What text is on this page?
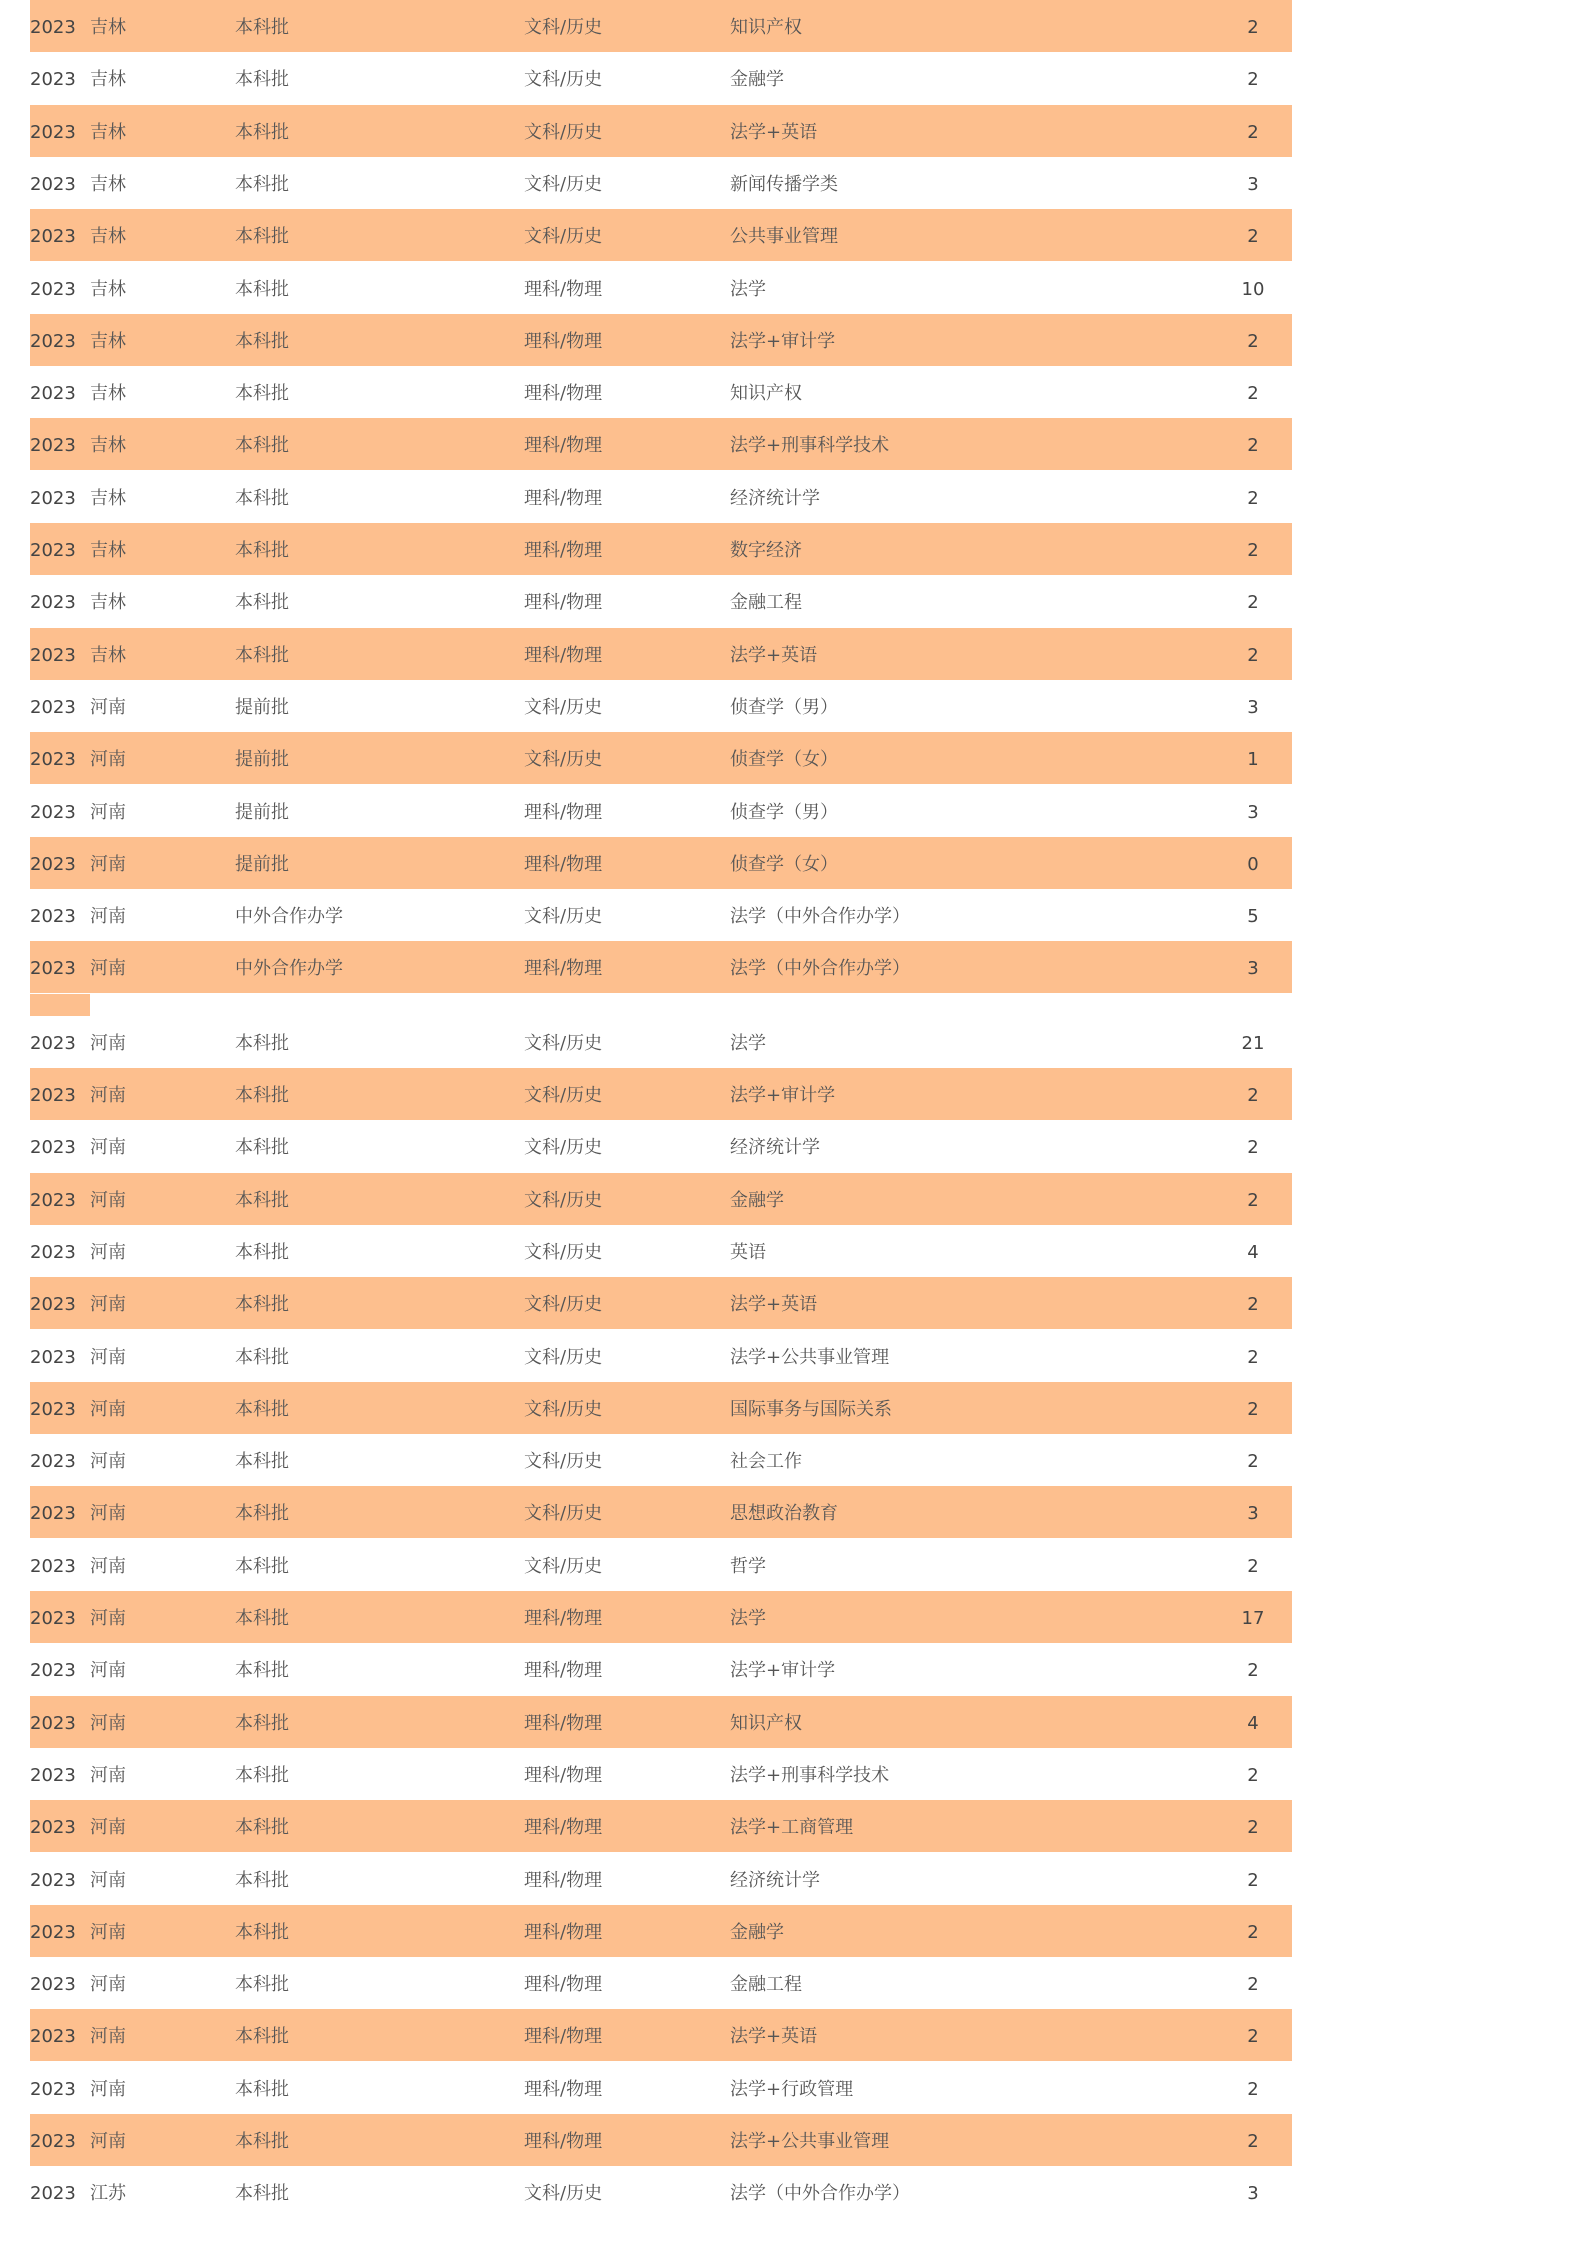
2023 吉林	本科批	文科/历史	知识产权	2
2023 吉林	本科批	文科/历史	金融学	2
2023 吉林	本科批	文科/历史	法学+英语	2
2023 吉林	本科批	文科/历史	新闻传播学类	3
2023 吉林	本科批	文科/历史	公共事业管理	2
2023 吉林	本科批	理科/物理	法学	10
2023 吉林	本科批	理科/物理	法学+审计学	2
2023 吉林	本科批	理科/物理	知识产权	2
2023 吉林	本科批	理科/物理	法学+刑事科学技术	2
2023 吉林	本科批	理科/物理	经济统计学	2
2023 吉林	本科批	理科/物理	数字经济	2
2023 吉林	本科批	理科/物理	金融工程	2
2023 吉林	本科批	理科/物理	法学+英语	2
2023 河南	提前批	文科/历史	侦查学（男）	3
2023 河南	提前批	文科/历史	侦查学（女）	1
2023 河南	提前批	理科/物理	侦查学（男）	3
2023 河南	提前批	理科/物理	侦查学（女）	0
2023 河南	中外合作办学	文科/历史	法学（中外合作办学）	5
2023 河南	中外合作办学	理科/物理	法学（中外合作办学）	3
2023 河南	本科批	文科/历史	法学	21
2023 河南	本科批	文科/历史	法学+审计学	2
2023 河南	本科批	文科/历史	经济统计学	2
2023 河南	本科批	文科/历史	金融学	2
2023 河南	本科批	文科/历史	英语	4
2023 河南	本科批	文科/历史	法学+英语	2
2023 河南	本科批	文科/历史	法学+公共事业管理	2
2023 河南	本科批	文科/历史	国际事务与国际关系	2
2023 河南	本科批	文科/历史	社会工作	2
2023 河南	本科批	文科/历史	思想政治教育	3
2023 河南	本科批	文科/历史	哲学	2
2023 河南	本科批	理科/物理	法学	17
2023 河南	本科批	理科/物理	法学+审计学	2
2023 河南	本科批	理科/物理	知识产权	4
2023 河南	本科批	理科/物理	法学+刑事科学技术	2
2023 河南	本科批	理科/物理	法学+工商管理	2
2023 河南	本科批	理科/物理	经济统计学	2
2023 河南	本科批	理科/物理	金融学	2
2023 河南	本科批	理科/物理	金融工程	2
2023 河南	本科批	理科/物理	法学+英语	2
2023 河南	本科批	理科/物理	法学+行政管理	2
2023 河南	本科批	理科/物理	法学+公共事业管理	2
2023 江苏	本科批	文科/历史	法学（中外合作办学）	3
